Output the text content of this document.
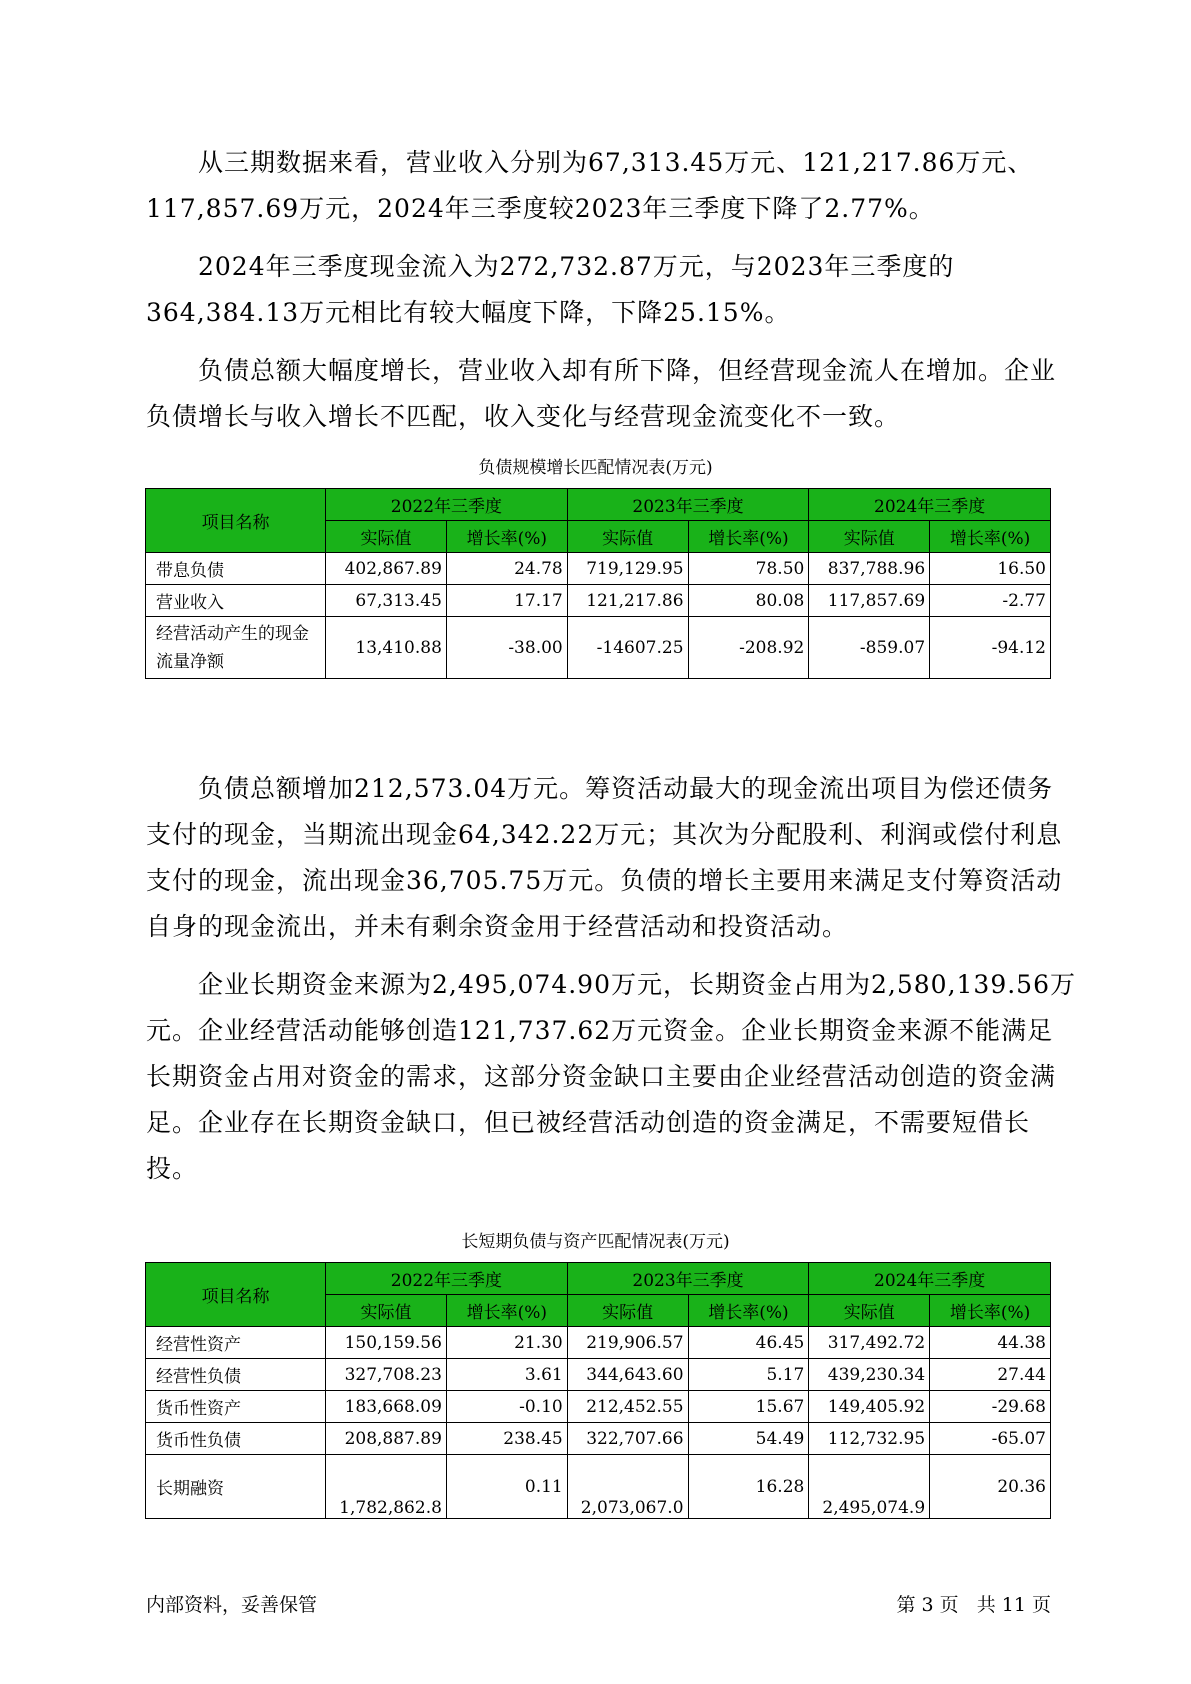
从三期数据来看，营业收入分别为67,313.45万元、121,217.86万元、117,857.69万元，2024年三季度较2023年三季度下降了2.77%。

2024年三季度现金流入为272,732.87万元，与2023年三季度的364,384.13万元相比有较大幅度下降，下降25.15%。

负债总额大幅度增长，营业收入却有所下降，但经营现金流人在增加。企业负债增长与收入增长不匹配，收入变化与经营现金流变化不一致。

负债规模增长匹配情况表(万元)

项目名称	2022年三季度		2023年三季度		2024年三季度	
	实际值	增长率(%)	实际值	增长率(%)	实际值	增长率(%)
带息负债	402,867.89	24.78	719,129.95	78.50	837,788.96	16.50
营业收入	67,313.45	17.17	121,217.86	80.08	117,857.69	-2.77
经营活动产生的现金流量净额	13,410.88	-38.00	-14607.25	-208.92	-859.07	-94.12

负债总额增加212,573.04万元。筹资活动最大的现金流出项目为偿还债务支付的现金，当期流出现金64,342.22万元；其次为分配股利、利润或偿付利息支付的现金，流出现金36,705.75万元。负债的增长主要用来满足支付筹资活动自身的现金流出，并未有剩余资金用于经营活动和投资活动。

企业长期资金来源为2,495,074.90万元，长期资金占用为2,580,139.56万元。企业经营活动能够创造121,737.62万元资金。企业长期资金来源不能满足长期资金占用对资金的需求，这部分资金缺口主要由企业经营活动创造的资金满足。企业存在长期资金缺口，但已被经营活动创造的资金满足，不需要短借长投。

长短期负债与资产匹配情况表(万元)

项目名称	2022年三季度		2023年三季度		2024年三季度	
	实际值	增长率(%)	实际值	增长率(%)	实际值	增长率(%)
经营性资产	150,159.56	21.30	219,906.57	46.45	317,492.72	44.38
经营性负债	327,708.23	3.61	344,643.60	5.17	439,230.34	27.44
货币性资产	183,668.09	-0.10	212,452.55	15.67	149,405.92	-29.68
货币性负债	208,887.89	238.45	322,707.66	54.49	112,732.95	-65.07
长期融资	1,782,862.8	0.11	2,073,067.0	16.28	2,495,074.9	20.36
内部资料，妥善保管	第 3 页   共 11 页
